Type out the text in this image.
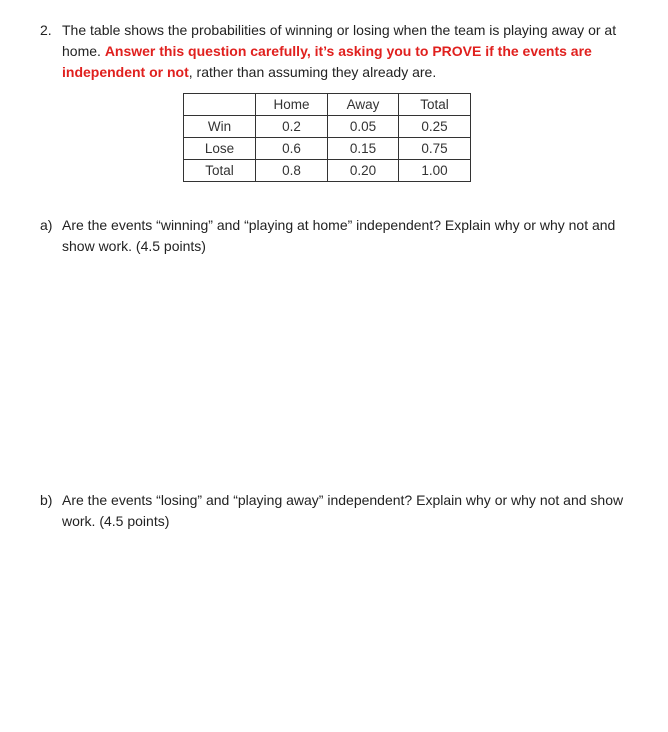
2. The table shows the probabilities of winning or losing when the team is playing away or at home. Answer this question carefully, it’s asking you to PROVE if the events are independent or not, rather than assuming they already are.
	Home	Away	Total
Win	0.2	0.05	0.25
Lose	0.6	0.15	0.75
Total	0.8	0.20	1.00
a) Are the events “winning” and “playing at home” independent? Explain why or why not and show work. (4.5 points)
b) Are the events “losing” and “playing away” independent? Explain why or why not and show work. (4.5 points)
